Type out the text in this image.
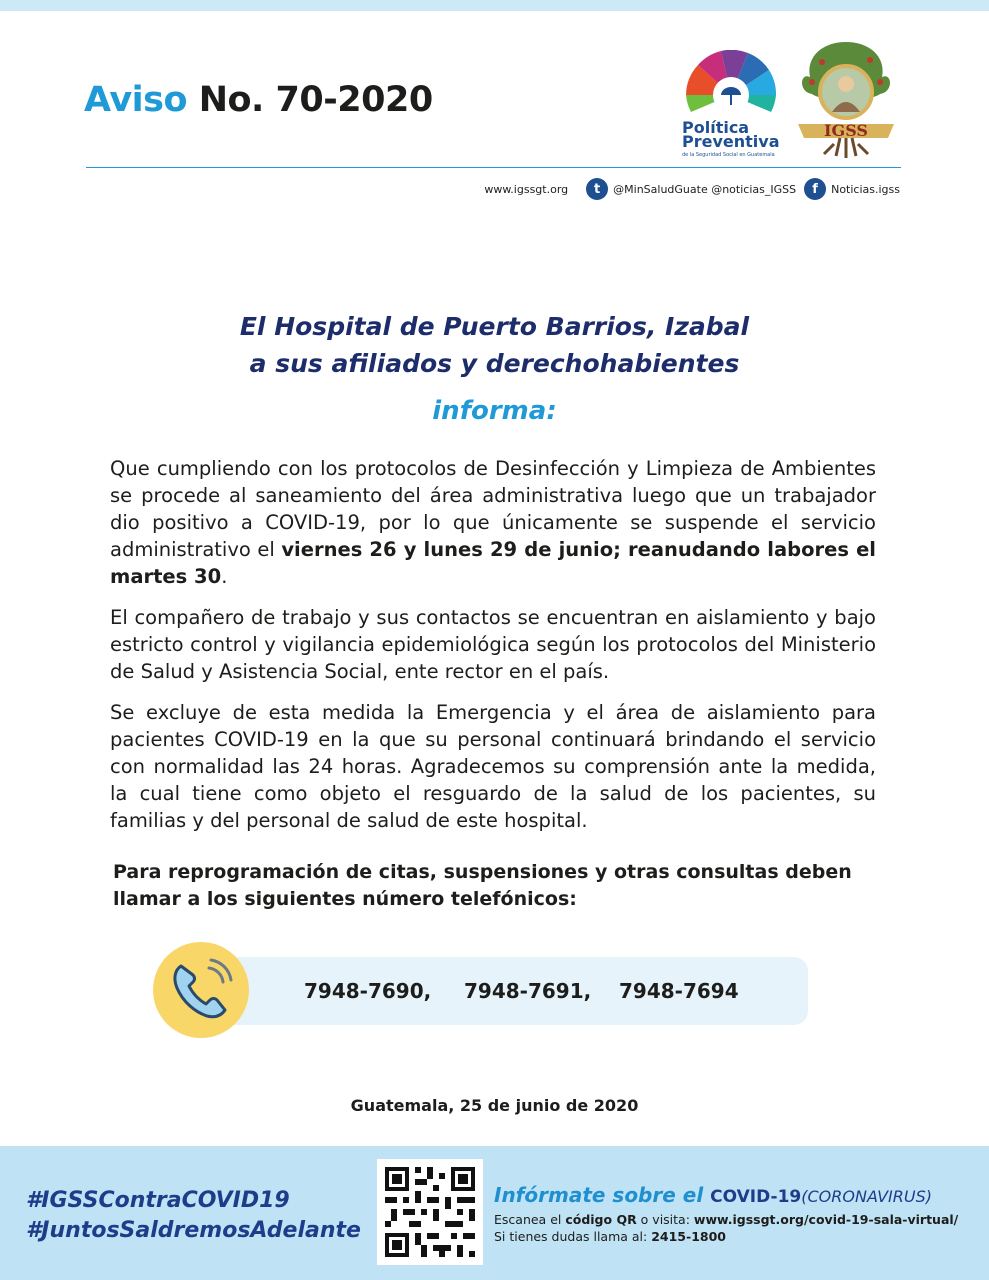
Aviso No. 70-2020
Política
Preventiva
de la Seguridad Social en Guatemala
IGSS
www.igssgt.org	t	@MinSaludGuate @noticias_IGSS	f	Noticias.igss
El Hospital de Puerto Barrios, Izabal
a sus afiliados y derechohabientes
informa:

Que cumpliendo con los protocolos de Desinfección y Limpieza de Ambientes se procede al saneamiento del área administrativa luego que un trabajador dio positivo a COVID-19, por lo que únicamente se suspende el servicio administrativo el viernes 26 y lunes 29 de junio; reanudando labores el martes 30.

El compañero de trabajo y sus contactos se encuentran en aislamiento y bajo estricto control y vigilancia epidemiológica según los protocolos del Ministerio de Salud y Asistencia Social, ente rector en el país.

Se excluye de esta medida la Emergencia y el área de aislamiento para pacientes COVID-19 en la que su personal continuará brindando el servicio con normalidad las 24 horas. Agradecemos su comprensión ante la medida, la cual tiene como objeto el resguardo de la salud de los pacientes, su familias y del personal de salud de este hospital.

Para reprogramación de citas, suspensiones y otras consultas deben llamar a los siguientes número telefónicos:
7948-7690, 7948-7691, 7948-7694
Guatemala, 25 de junio de 2020
#IGSSContraCOVID19
#JuntosSaldremosAdelante
Infórmate sobre el COVID-19(CORONAVIRUS)
Escanea el código QR o visita: www.igssgt.org/covid-19-sala-virtual/
Si tienes dudas llama al: 2415-1800
